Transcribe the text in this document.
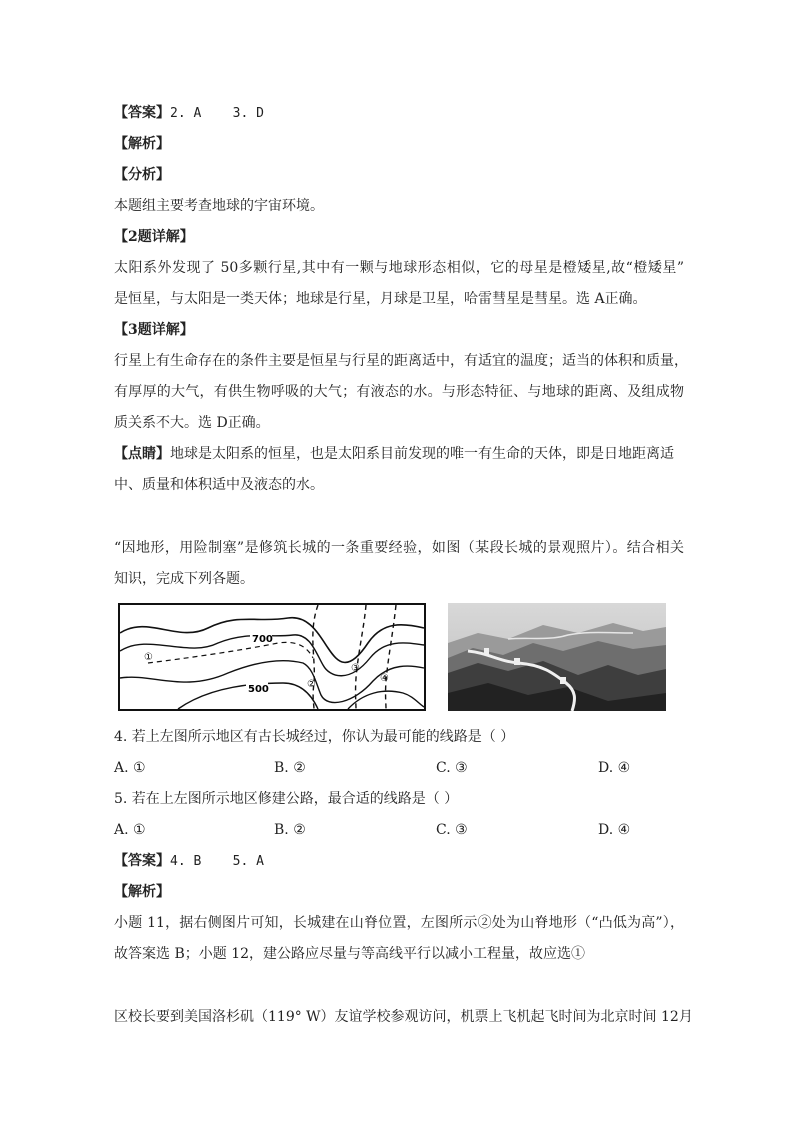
【答案】2. A    3. D
【解析】
【分析】
本题组主要考查地球的宇宙环境。
【2题详解】
太阳系外发现了 50多颗行星,其中有一颗与地球形态相似，它的母星是橙矮星,故“橙矮星”
是恒星，与太阳是一类天体；地球是行星，月球是卫星，哈雷彗星是彗星。选 A正确。
【3题详解】
行星上有生命存在的条件主要是恒星与行星的距离适中，有适宜的温度；适当的体积和质量，
有厚厚的大气，有供生物呼吸的大气；有液态的水。与形态特征、与地球的距离、及组成物
质关系不大。选 D正确。
【点睛】地球是太阳系的恒星，也是太阳系目前发现的唯一有生命的天体，即是日地距离适
中、质量和体积适中及液态的水。
“因地形，用险制塞”是修筑长城的一条重要经验，如图（某段长城的景观照片）。结合相关
知识，完成下列各题。
700
500
①
②
③
④
4. 若上左图所示地区有古长城经过，你认为最可能的线路是（ ）
A. ①	B. ②	C. ③	D. ④
5. 若在上左图所示地区修建公路，最合适的线路是（ ）
A. ①	B. ②	C. ③	D. ④
【答案】4. B    5. A
【解析】
小题 11，据右侧图片可知，长城建在山脊位置，左图所示②处为山脊地形（“凸低为高”），
故答案选 B；小题 12，建公路应尽量与等高线平行以减小工程量，故应选①
区校长要到美国洛杉矶（119° W）友谊学校参观访问，机票上飞机起飞时间为北京时间 12月
